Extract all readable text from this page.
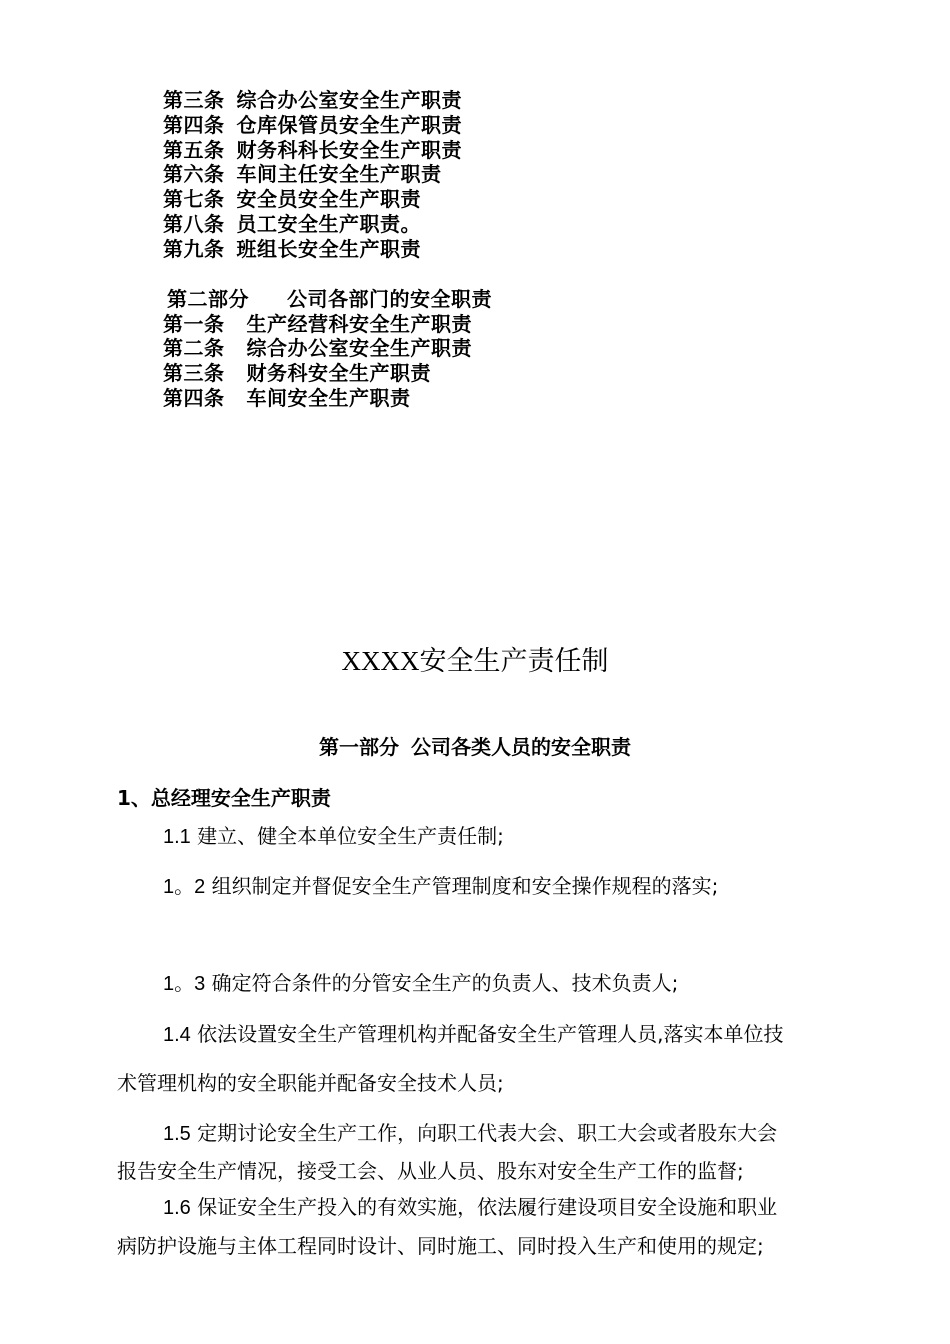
第三条 综合办公室安全生产职责
第四条 仓库保管员安全生产职责
第五条 财务科科长安全生产职责
第六条 车间主任安全生产职责
第七条 安全员安全生产职责
第八条 员工安全生产职责。
第九条 班组长安全生产职责
第二部分 公司各部门的安全职责
第一条 生产经营科安全生产职责
第二条 综合办公室安全生产职责
第三条 财务科安全生产职责
第四条 车间安全生产职责
XXXX安全生产责任制
第一部分 公司各类人员的安全职责
1、总经理安全生产职责
1.1 建立、健全本单位安全生产责任制;
1。2 组织制定并督促安全生产管理制度和安全操作规程的落实;
1。3 确定符合条件的分管安全生产的负责人、技术负责人;
1.4 依法设置安全生产管理机构并配备安全生产管理人员,落实本单位技
术管理机构的安全职能并配备安全技术人员;
1.5 定期讨论安全生产工作，向职工代表大会、职工大会或者股东大会
报告安全生产情况，接受工会、从业人员、股东对安全生产工作的监督;
1.6 保证安全生产投入的有效实施，依法履行建设项目安全设施和职业
病防护设施与主体工程同时设计、同时施工、同时投入生产和使用的规定;
